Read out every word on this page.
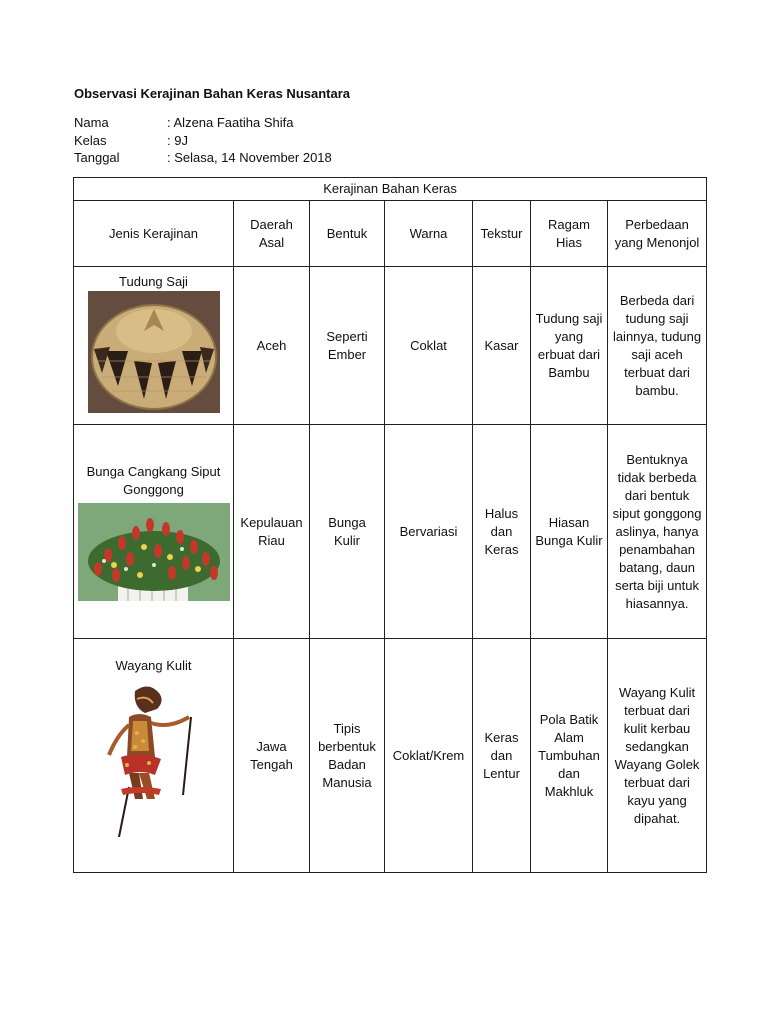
Observasi Kerajinan Bahan Keras Nusantara
Nama	: Alzena Faatiha Shifa
Kelas	: 9J
Tanggal	: Selasa, 14 November 2018
Kerajinan Bahan Keras						
Jenis Kerajinan	Daerah Asal	Bentuk	Warna	Tekstur	Ragam Hias	Perbedaan yang Menonjol

Tudung Saji	Aceh	Seperti Ember	Coklat	Kasar	Tudung saji yang erbuat dari Bambu	Berbeda dari tudung saji lainnya, tudung saji aceh terbuat dari bambu.

Bunga Cangkang Siput Gonggong	Kepulauan Riau	Bunga Kulir	Bervariasi	Halus dan Keras	Hiasan Bunga Kulir	Bentuknya tidak berbeda dari bentuk siput gonggong aslinya, hanya penambahan batang, daun serta biji untuk hiasannya.

Wayang Kulit	Jawa Tengah	Tipis berbentuk Badan Manusia	Coklat/Krem	Keras dan Lentur	Pola Batik Alam Tumbuhan dan Makhluk	Wayang Kulit terbuat dari kulit kerbau sedangkan Wayang Golek terbuat dari kayu yang dipahat.
